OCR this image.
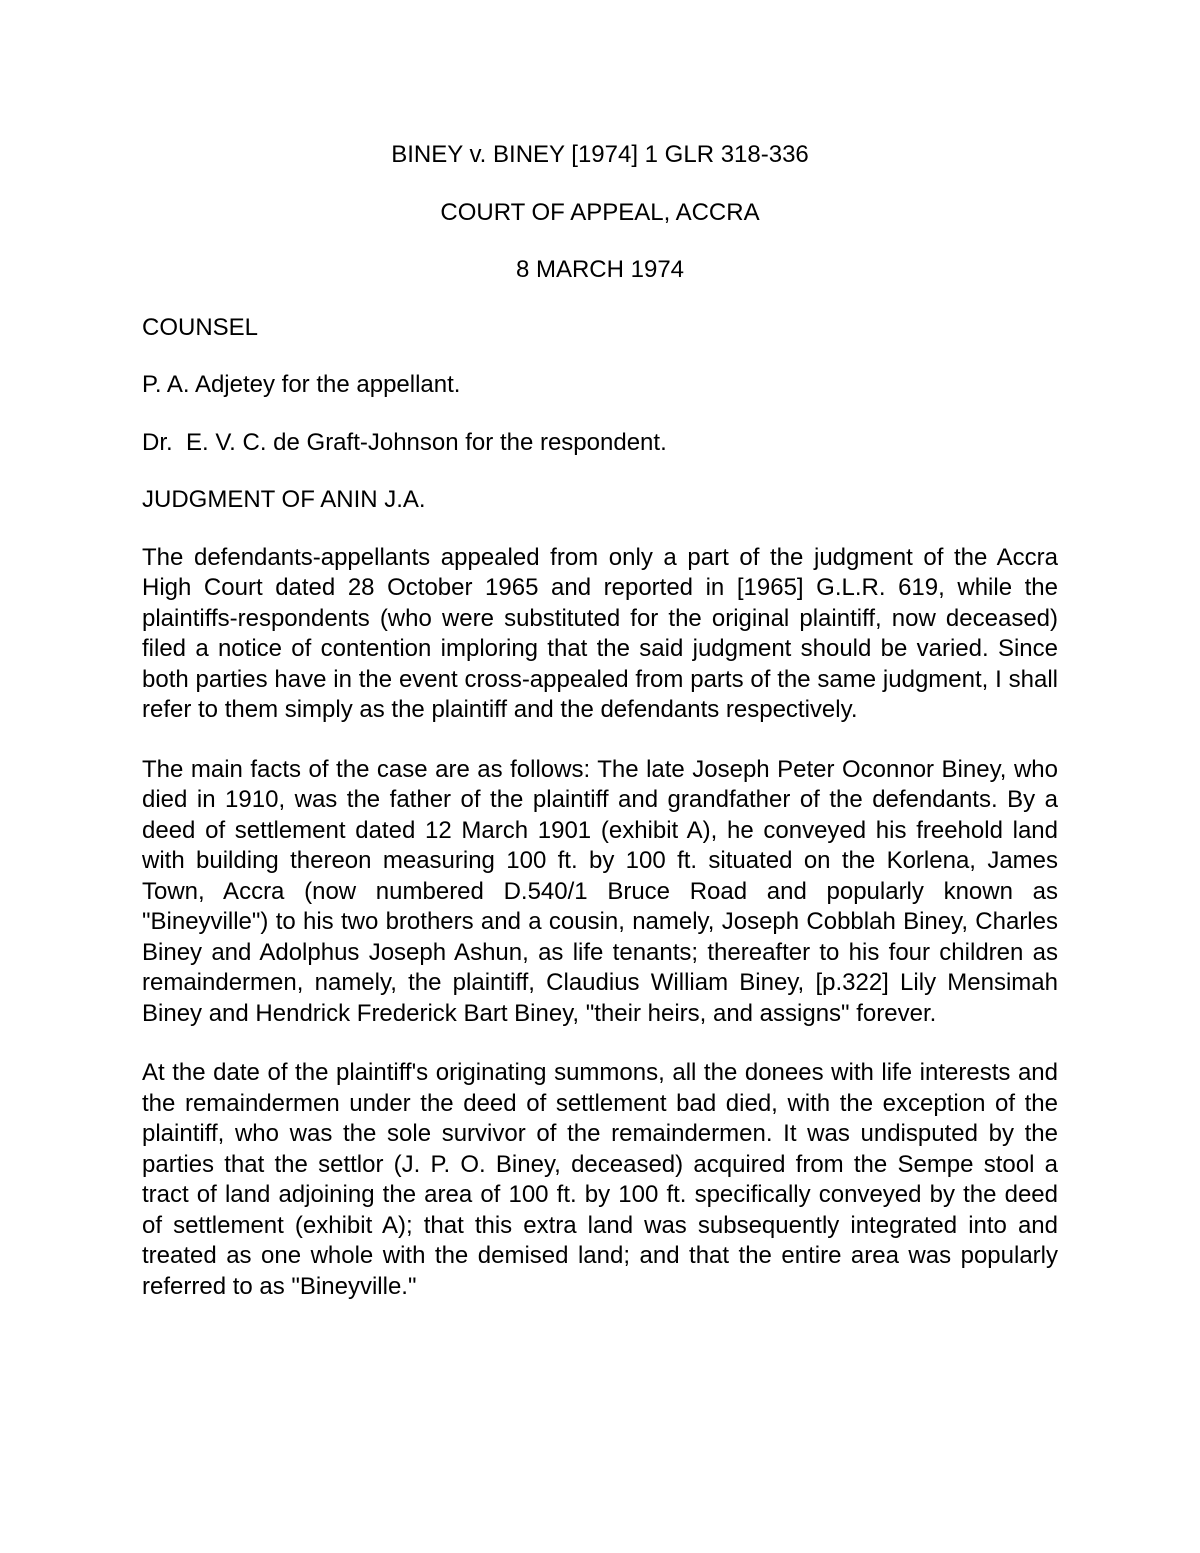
BINEY v. BINEY [1974] 1 GLR 318-336

COURT OF APPEAL, ACCRA

8 MARCH 1974

COUNSEL

P. A. Adjetey for the appellant.

Dr.  E. V. C. de Graft-Johnson for the respondent.

JUDGMENT OF ANIN J.A.

The defendants-appellants appealed from only a part of the judgment of the Accra High Court dated 28 October 1965 and reported in [1965] G.L.R. 619, while the plaintiffs-respondents (who were substituted for the original plaintiff, now deceased) filed a notice of contention imploring that the said judgment should be varied. Since both parties have in the event cross-appealed from parts of the same judgment, I shall refer to them simply as the plaintiff and the defendants respectively.

The main facts of the case are as follows: The late Joseph Peter Oconnor Biney, who died in 1910, was the father of the plaintiff and grandfather of the defendants. By a deed of settlement dated 12 March 1901 (exhibit A), he conveyed his freehold land with building thereon measuring 100 ft. by 100 ft. situated on the Korlena, James Town, Accra (now numbered D.540/1 Bruce Road and popularly known as "Bineyville") to his two brothers and a cousin, namely, Joseph Cobblah Biney, Charles Biney and Adolphus Joseph Ashun, as life tenants; thereafter to his four children as remaindermen, namely, the plaintiff, Claudius William Biney, [p.322] Lily Mensimah Biney and Hendrick Frederick Bart Biney, "their heirs, and assigns" forever.

At the date of the plaintiff's originating summons, all the donees with life interests and the remaindermen under the deed of settlement bad died, with the exception of the plaintiff, who was the sole survivor of the remaindermen. It was undisputed by the parties that the settlor (J. P. O. Biney, deceased) acquired from the Sempe stool a tract of land adjoining the area of 100 ft. by 100 ft. specifically conveyed by the deed of settlement (exhibit A); that this extra land was subsequently integrated into and treated as one whole with the demised land; and that the entire area was popularly referred to as "Bineyville."
